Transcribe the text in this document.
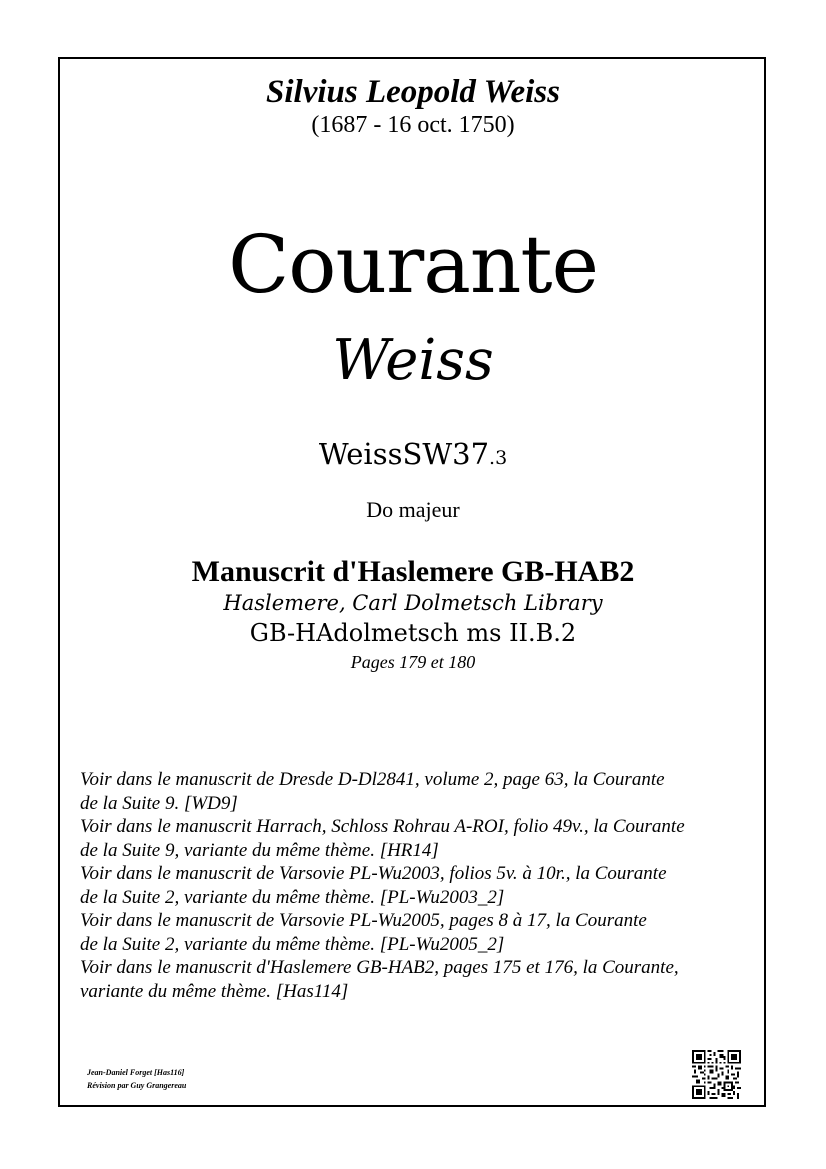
Silvius Leopold Weiss
(1687 - 16 oct. 1750)
Courante
Weiss
WeissSW37.3
Do majeur
Manuscrit d'Haslemere GB-HAB2
Haslemere, Carl Dolmetsch Library
GB-HAdolmetsch ms II.B.2
Pages 179 et 180
Voir dans le manuscrit de Dresde D-Dl2841, volume 2, page 63, la Courante
de la Suite 9. [WD9]
Voir dans le manuscrit Harrach, Schloss Rohrau A-ROI, folio 49v., la Courante
de la Suite 9, variante du même thème. [HR14]
Voir dans le manuscrit de Varsovie PL-Wu2003, folios 5v. à 10r., la Courante
de la Suite 2, variante du même thème. [PL-Wu2003_2]
Voir dans le manuscrit de Varsovie PL-Wu2005, pages 8 à 17, la Courante
de la Suite 2, variante du même thème. [PL-Wu2005_2]
Voir dans le manuscrit d'Haslemere GB-HAB2, pages 175 et 176, la Courante,
variante du même thème. [Has114]
Jean-Daniel Forget [Has116]
Révision par Guy Grangereau
